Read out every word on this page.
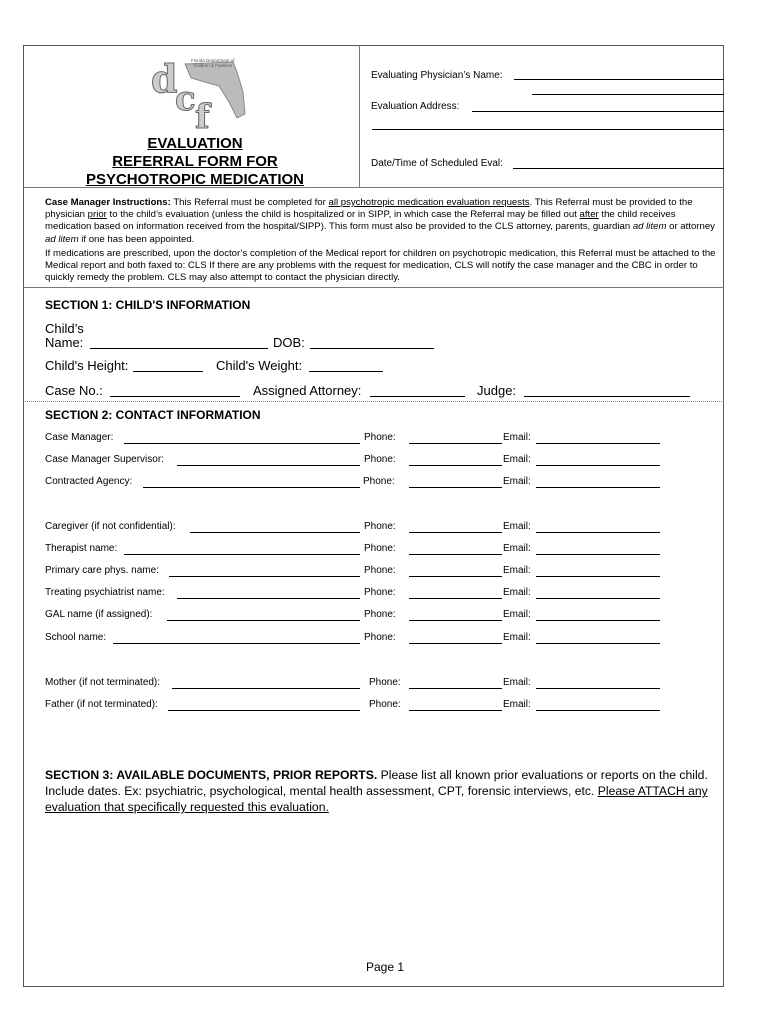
d
c f
Florida Department of
Children & Families
EVALUATION
REFERRAL FORM FOR
PSYCHOTROPIC MEDICATION
Evaluating Physician’s Name:
Evaluation Address:
Date/Time of Scheduled Eval:

Case Manager Instructions: This Referral must be completed for all psychotropic medication evaluation requests. This Referral must be provided to the physician prior to the child’s evaluation (unless the child is hospitalized or in SIPP, in which case the Referral may be filled out after the child receives medication based on information received from the hospital/SIPP). This form must also be provided to the CLS attorney, parents, guardian ad litem or attorney ad litem if one has been appointed.

If medications are prescribed, upon the doctor’s completion of the Medical report for children on psychotropic medication, this Referral must be attached to the Medical report and both faxed to: CLS If there are any problems with the request for medication, CLS will notify the case manager and the CBC in order to quickly remedy the problem. CLS may also attempt to contact the physician directly.

SECTION 1: CHILD'S INFORMATION
Child’s
Name:	DOB:
Child's Height:	Child's Weight:
Case No.:	Assigned Attorney:	Judge:
SECTION 2: CONTACT INFORMATION
Case Manager:	Phone:	Email:
Case Manager Supervisor:	Phone:	Email:
Contracted Agency:	Phone:	Email:
Caregiver (if not confidential):	Phone:	Email:
Therapist name:	Phone:	Email:
Primary care phys. name:	Phone:	Email:
Treating psychiatrist name:	Phone:	Email:
GAL name (if assigned):	Phone:	Email:
School name:	Phone:	Email:
Mother (if not terminated):	Phone:	Email:
Father (if not terminated):	Phone:	Email:
SECTION 3: AVAILABLE DOCUMENTS, PRIOR REPORTS. Please list all known prior evaluations or reports on the child. Include dates. Ex: psychiatric, psychological, mental health assessment, CPT, forensic interviews, etc. Please ATTACH any evaluation that specifically requested this evaluation.
Page 1
